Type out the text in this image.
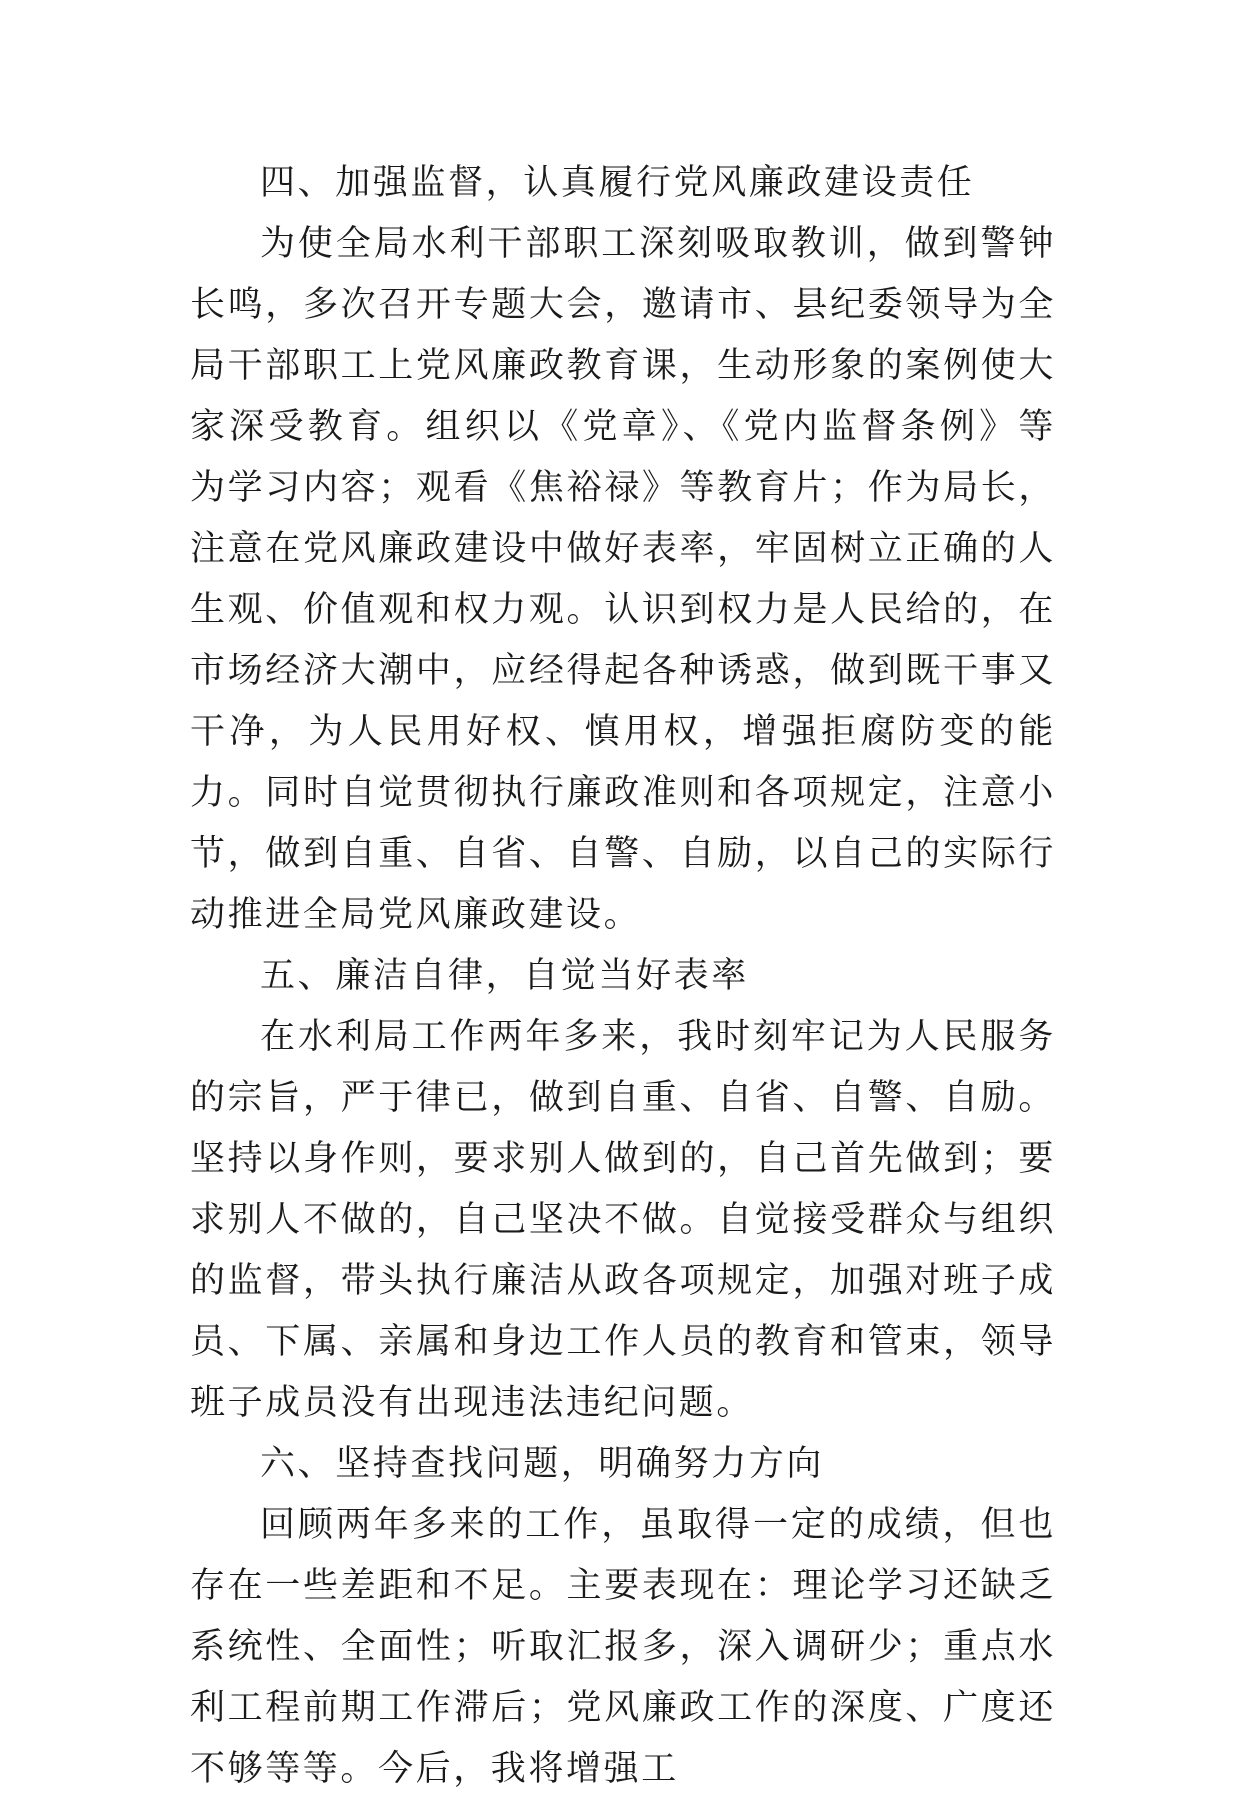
四、加强监督，认真履行党风廉政建设责任

为使全局水利干部职工深刻吸取教训，做到警钟长鸣，多次召开专题大会，邀请市、县纪委领导为全局干部职工上党风廉政教育课，生动形象的案例使大家深受教育。组织以《党章》、《党内监督条例》等为学习内容；观看《焦裕禄》等教育片；作为局长，注意在党风廉政建设中做好表率，牢固树立正确的人生观、价值观和权力观。认识到权力是人民给的，在市场经济大潮中，应经得起各种诱惑，做到既干事又干净，为人民用好权、慎用权，增强拒腐防变的能力。同时自觉贯彻执行廉政准则和各项规定，注意小节，做到自重、自省、自警、自励，以自己的实际行动推进全局党风廉政建设。

五、廉洁自律，自觉当好表率

在水利局工作两年多来，我时刻牢记为人民服务的宗旨，严于律已，做到自重、自省、自警、自励。坚持以身作则，要求别人做到的，自己首先做到；要求别人不做的，自己坚决不做。自觉接受群众与组织的监督，带头执行廉洁从政各项规定，加强对班子成员、下属、亲属和身边工作人员的教育和管束，领导班子成员没有出现违法违纪问题。

六、坚持查找问题，明确努力方向

回顾两年多来的工作，虽取得一定的成绩，但也存在一些差距和不足。主要表现在：理论学习还缺乏系统性、全面性；听取汇报多，深入调研少；重点水利工程前期工作滞后；党风廉政工作的深度、广度还不够等等。今后，我将增强工
